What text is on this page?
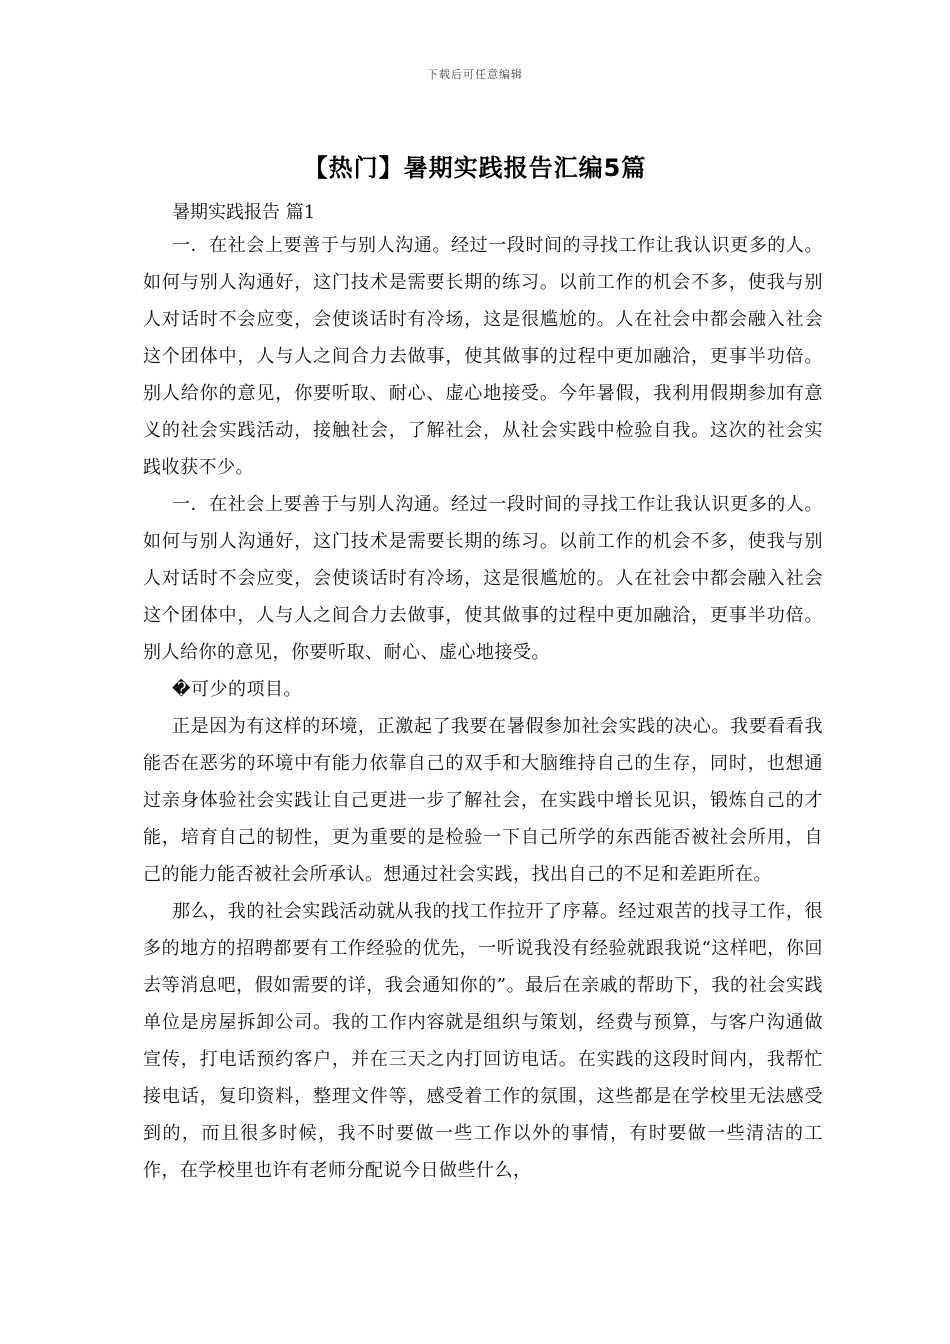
下载后可任意编辑
【热门】暑期实践报告汇编5篇

暑期实践报告 篇1

一．在社会上要善于与别人沟通。经过一段时间的寻找工作让我认识更多的人。如何与别人沟通好，这门技术是需要长期的练习。以前工作的机会不多，使我与别人对话时不会应变，会使谈话时有冷场，这是很尴尬的。人在社会中都会融入社会这个团体中，人与人之间合力去做事，使其做事的过程中更加融洽，更事半功倍。别人给你的意见，你要听取、耐心、虚心地接受。今年暑假，我利用假期参加有意义的社会实践活动，接触社会，了解社会，从社会实践中检验自我。这次的社会实践收获不少。

一．在社会上要善于与别人沟通。经过一段时间的寻找工作让我认识更多的人。如何与别人沟通好，这门技术是需要长期的练习。以前工作的机会不多，使我与别人对话时不会应变，会使谈话时有冷场，这是很尴尬的。人在社会中都会融入社会这个团体中，人与人之间合力去做事，使其做事的过程中更加融洽，更事半功倍。别人给你的意见，你要听取、耐心、虚心地接受。

�可少的项目。

正是因为有这样的环境，正激起了我要在暑假参加社会实践的决心。我要看看我能否在恶劣的环境中有能力依靠自己的双手和大脑维持自己的生存，同时，也想通过亲身体验社会实践让自己更进一步了解社会，在实践中增长见识，锻炼自己的才能，培育自己的韧性，更为重要的是检验一下自己所学的东西能否被社会所用，自己的能力能否被社会所承认。想通过社会实践，找出自己的不足和差距所在。

那么，我的社会实践活动就从我的找工作拉开了序幕。经过艰苦的找寻工作，很多的地方的招聘都要有工作经验的优先，一听说我没有经验就跟我说“这样吧，你回去等消息吧，假如需要的详，我会通知你的”。最后在亲戚的帮助下，我的社会实践单位是房屋拆卸公司。我的工作内容就是组织与策划，经费与预算，与客户沟通做宣传，打电话预约客户，并在三天之内打回访电话。在实践的这段时间内，我帮忙接电话，复印资料，整理文件等，感受着工作的氛围，这些都是在学校里无法感受到的，而且很多时候，我不时要做一些工作以外的事情，有时要做一些清洁的工作，在学校里也许有老师分配说今日做些什么，
